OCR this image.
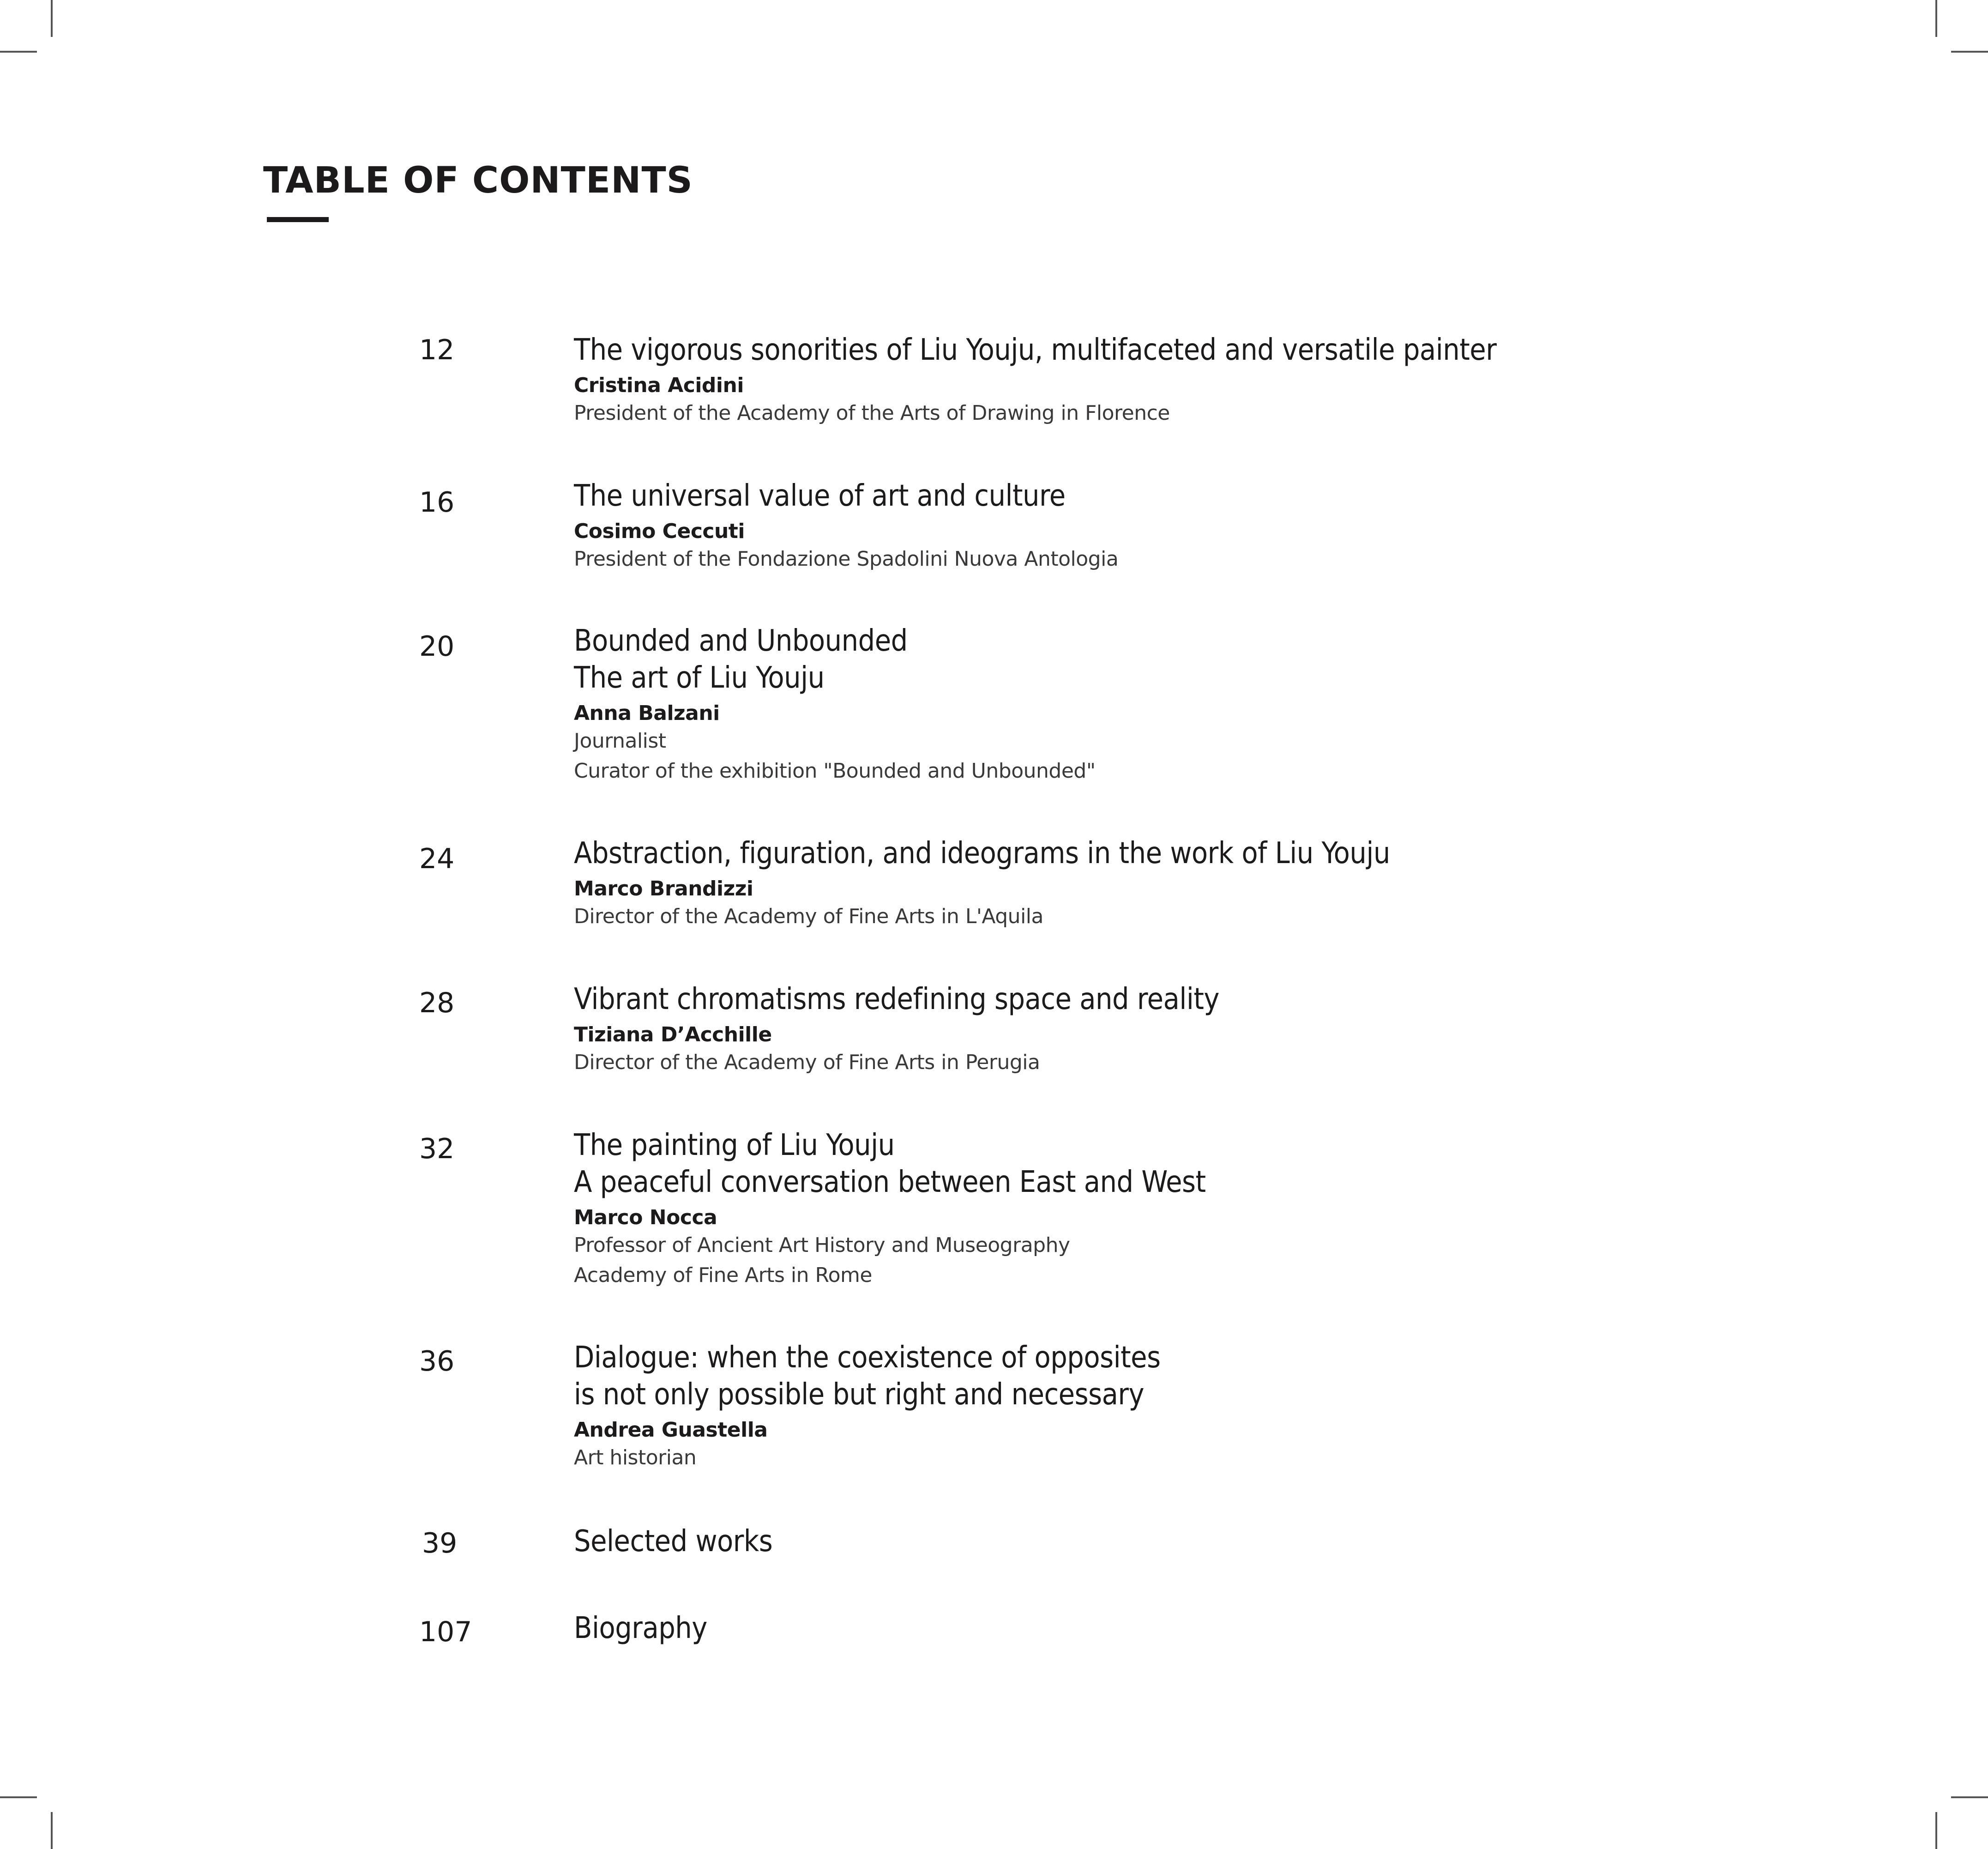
TABLE OF CONTENTS
12	The vigorous sonorities of Liu Youju, multifaceted and versatile painter
Cristina Acidini
President of the Academy of the Arts of Drawing in Florence
16	The universal value of art and culture
Cosimo Ceccuti
President of the Fondazione Spadolini Nuova Antologia
20	Bounded and Unbounded
The art of Liu Youju
Anna Balzani
Journalist
Curator of the exhibition "Bounded and Unbounded"
24	Abstraction, figuration, and ideograms in the work of Liu Youju
Marco Brandizzi
Director of the Academy of Fine Arts in L'Aquila
28	Vibrant chromatisms redefining space and reality
Tiziana D’Acchille
Director of the Academy of Fine Arts in Perugia
32	The painting of Liu Youju
A peaceful conversation between East and West
Marco Nocca
Professor of Ancient Art History and Museography
Academy of Fine Arts in Rome
36	Dialogue: when the coexistence of opposites
is not only possible but right and necessary
Andrea Guastella
Art historian
39	Selected works
107	Biography
